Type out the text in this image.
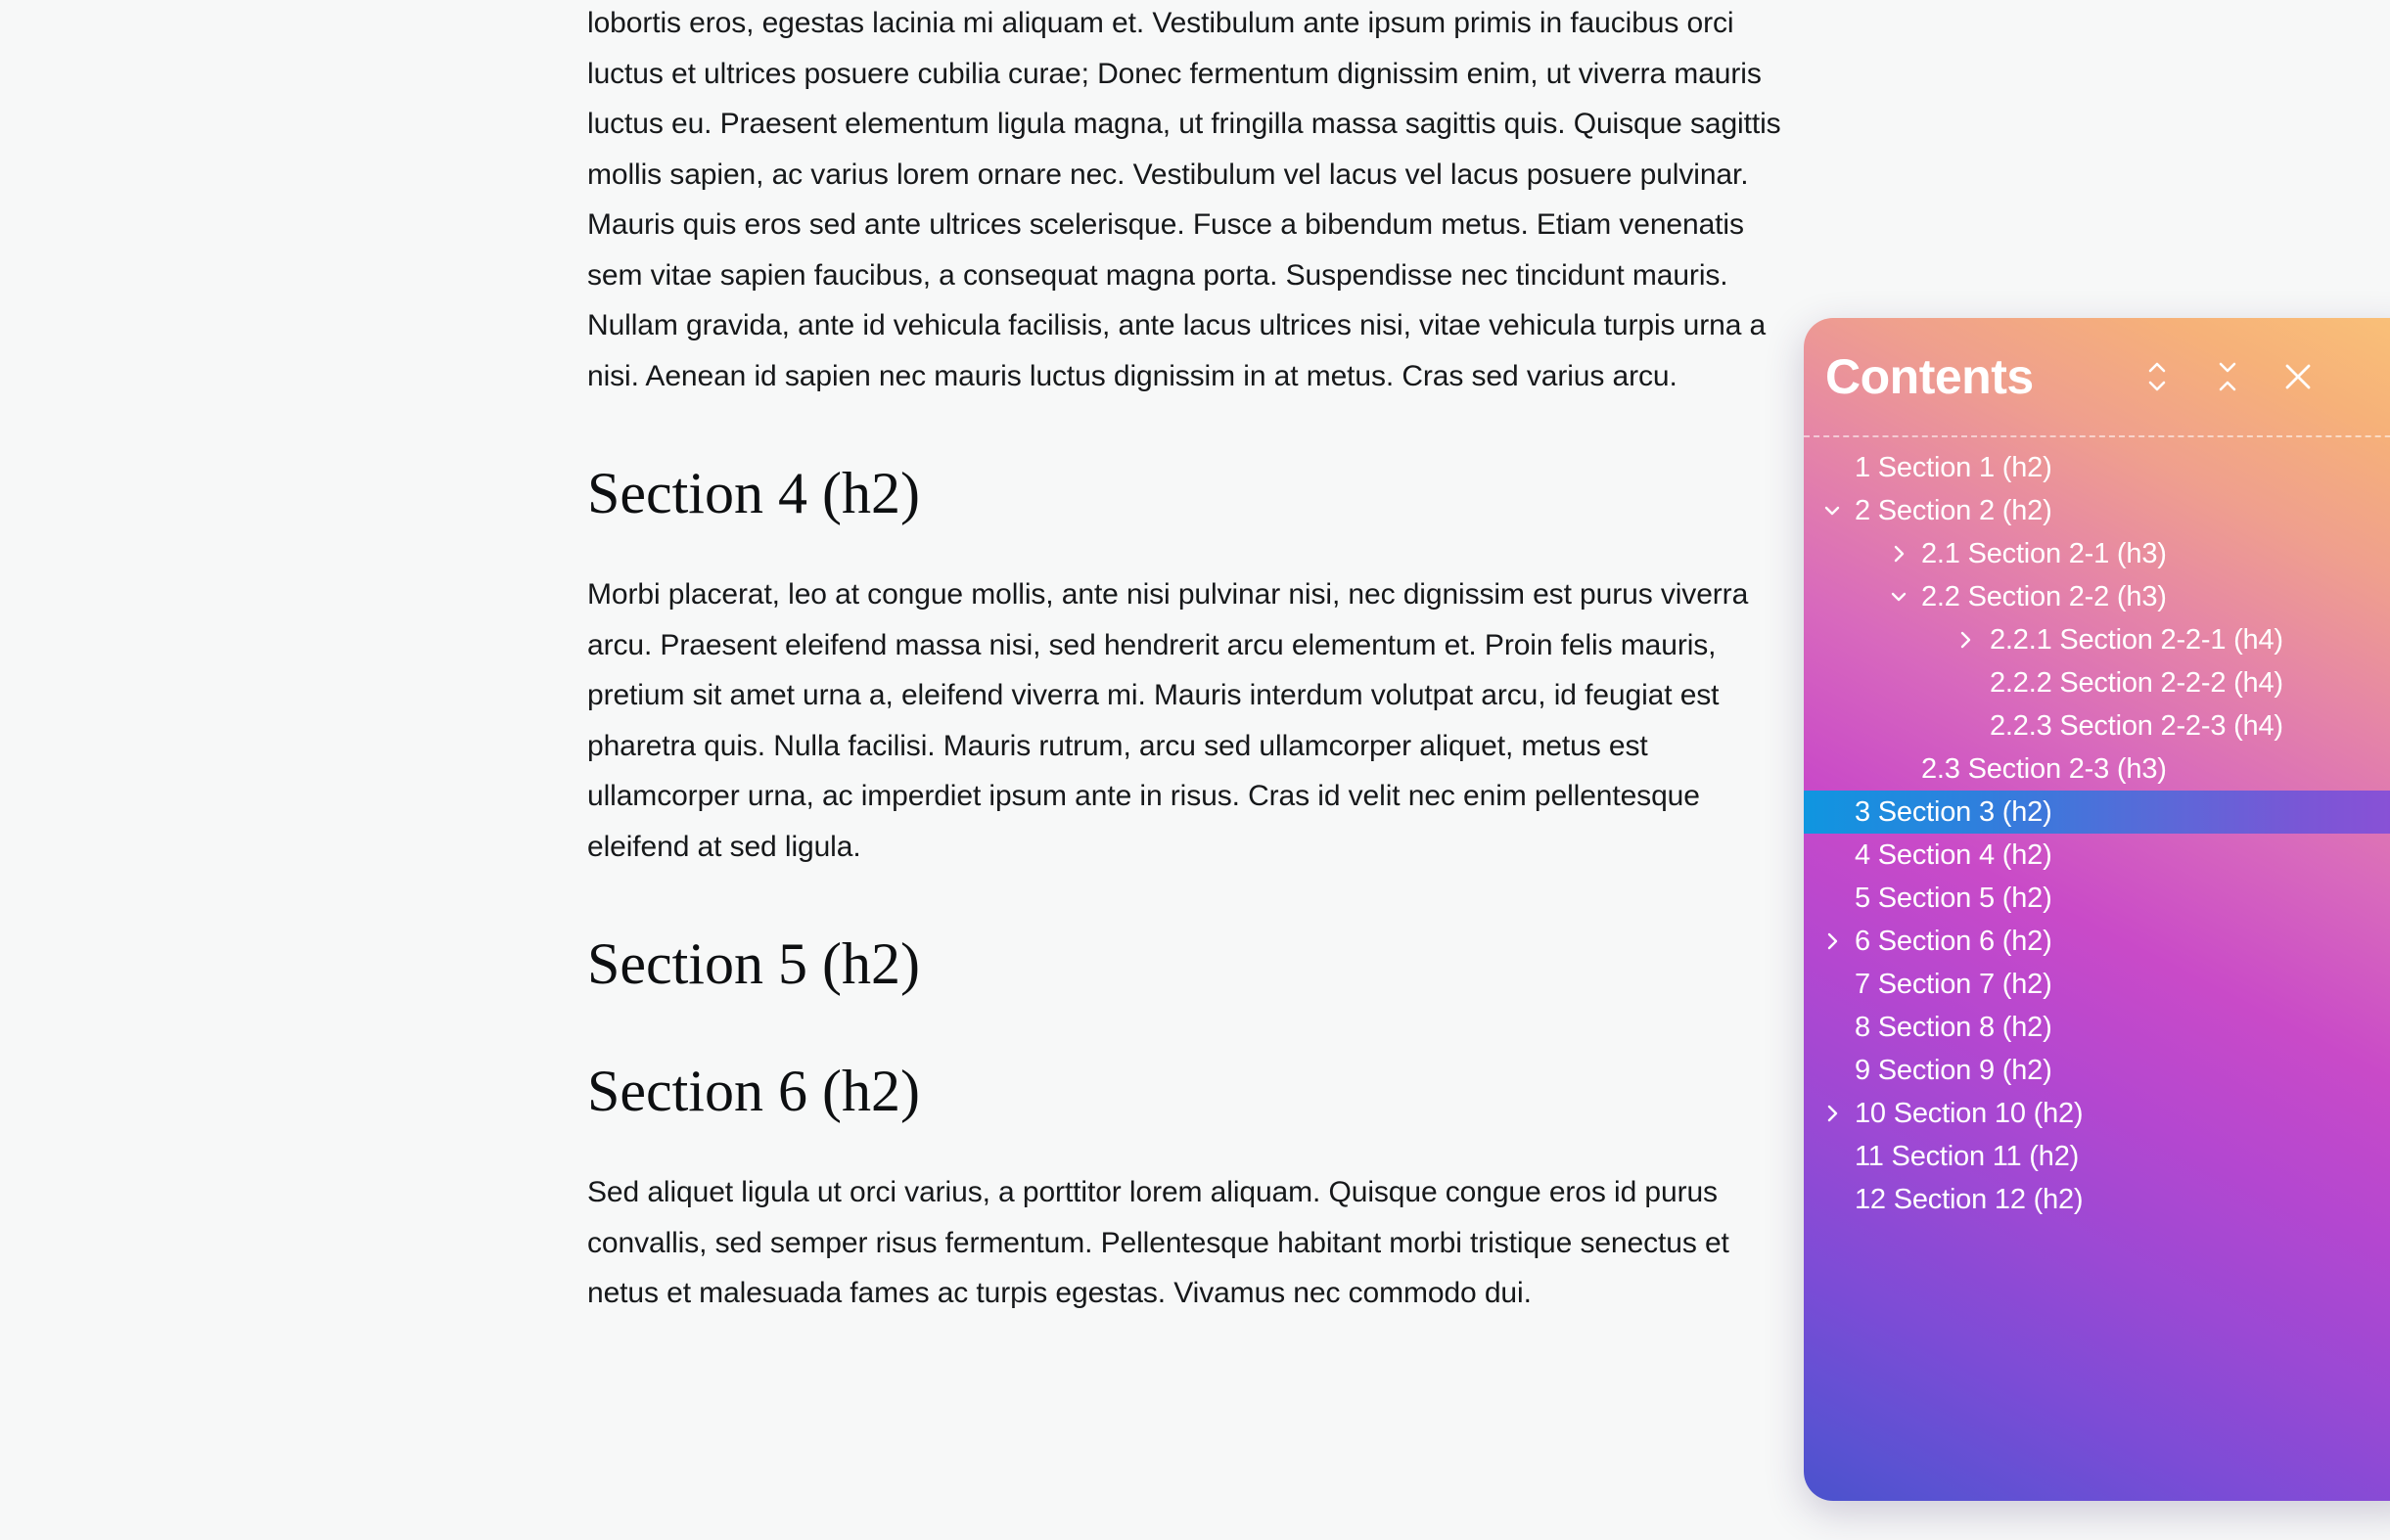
lobortis eros, egestas lacinia mi aliquam et. Vestibulum ante ipsum primis in faucibus orci luctus et ultrices posuere cubilia curae; Donec fermentum dignissim enim, ut viverra mauris luctus eu. Praesent elementum ligula magna, ut fringilla massa sagittis quis. Quisque sagittis mollis sapien, ac varius lorem ornare nec. Vestibulum vel lacus vel lacus posuere pulvinar. Mauris quis eros sed ante ultrices scelerisque. Fusce a bibendum metus. Etiam venenatis sem vitae sapien faucibus, a consequat magna porta. Suspendisse nec tincidunt mauris. Nullam gravida, ante id vehicula facilisis, ante lacus ultrices nisi, vitae vehicula turpis urna a nisi. Aenean id sapien nec mauris luctus dignissim in at metus. Cras sed varius arcu.

Section 4 (h2)

Morbi placerat, leo at congue mollis, ante nisi pulvinar nisi, nec dignissim est purus viverra arcu. Praesent eleifend massa nisi, sed hendrerit arcu elementum et. Proin felis mauris, pretium sit amet urna a, eleifend viverra mi. Mauris interdum volutpat arcu, id feugiat est pharetra quis. Nulla facilisi. Mauris rutrum, arcu sed ullamcorper aliquet, metus est ullamcorper urna, ac imperdiet ipsum ante in risus. Cras id velit nec enim pellentesque eleifend at sed ligula.

Section 5 (h2)
Section 6 (h2)

Sed aliquet ligula ut orci varius, a porttitor lorem aliquam. Quisque congue eros id purus convallis, sed semper risus fermentum. Pellentesque habitant morbi tristique senectus et netus et malesuada fames ac turpis egestas. Vivamus nec commodo dui.

Contents
1 Section 1 (h2)
2 Section 2 (h2)
2.1 Section 2-1 (h3)
2.2 Section 2-2 (h3)
2.2.1 Section 2-2-1 (h4)
2.2.2 Section 2-2-2 (h4)
2.2.3 Section 2-2-3 (h4)
2.3 Section 2-3 (h3)
3 Section 3 (h2)
4 Section 4 (h2)
5 Section 5 (h2)
6 Section 6 (h2)
7 Section 7 (h2)
8 Section 8 (h2)
9 Section 9 (h2)
10 Section 10 (h2)
11 Section 11 (h2)
12 Section 12 (h2)
